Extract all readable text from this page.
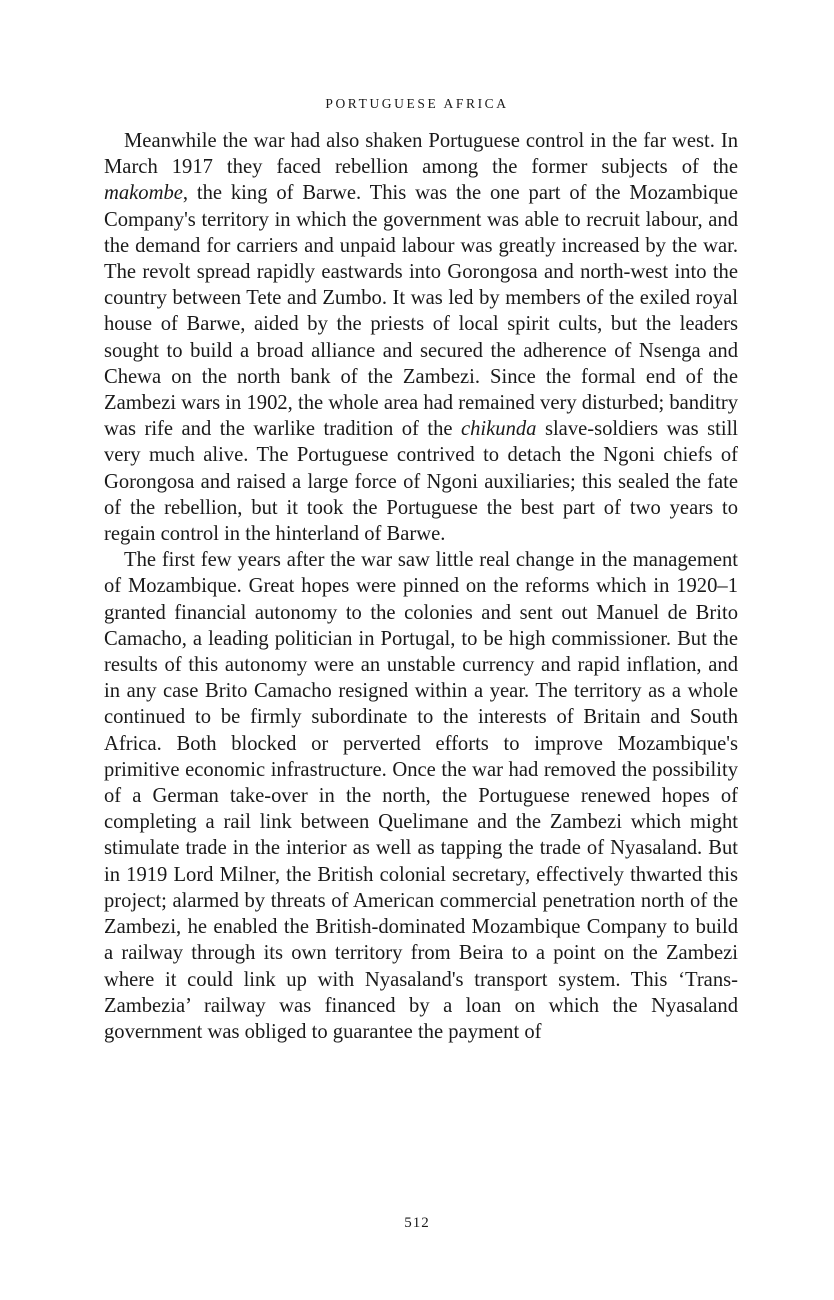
PORTUGUESE AFRICA

Meanwhile the war had also shaken Portuguese control in the far west. In March 1917 they faced rebellion among the former subjects of the makombe, the king of Barwe. This was the one part of the Mozambique Company's territory in which the government was able to recruit labour, and the demand for carriers and unpaid labour was greatly increased by the war. The revolt spread rapidly eastwards into Gorongosa and north-west into the country between Tete and Zumbo. It was led by members of the exiled royal house of Barwe, aided by the priests of local spirit cults, but the leaders sought to build a broad alliance and secured the adherence of Nsenga and Chewa on the north bank of the Zambezi. Since the formal end of the Zambezi wars in 1902, the whole area had remained very disturbed; banditry was rife and the warlike tradition of the chikunda slave-soldiers was still very much alive. The Portuguese contrived to detach the Ngoni chiefs of Gorongosa and raised a large force of Ngoni auxiliaries; this sealed the fate of the rebellion, but it took the Portuguese the best part of two years to regain control in the hinterland of Barwe.

The first few years after the war saw little real change in the management of Mozambique. Great hopes were pinned on the reforms which in 1920–1 granted financial autonomy to the colonies and sent out Manuel de Brito Camacho, a leading politician in Portugal, to be high commissioner. But the results of this autonomy were an unstable currency and rapid inflation, and in any case Brito Camacho resigned within a year. The territory as a whole continued to be firmly subordinate to the interests of Britain and South Africa. Both blocked or perverted efforts to improve Mozambique's primitive economic infrastructure. Once the war had removed the possibility of a German take-over in the north, the Portuguese renewed hopes of completing a rail link between Quelimane and the Zambezi which might stimulate trade in the interior as well as tapping the trade of Nyasaland. But in 1919 Lord Milner, the British colonial secretary, effectively thwarted this project; alarmed by threats of American commercial penetration north of the Zambezi, he enabled the British-dominated Mozambique Company to build a railway through its own territory from Beira to a point on the Zambezi where it could link up with Nyasaland's transport system. This ‘Trans-Zambezia’ railway was financed by a loan on which the Nyasaland government was obliged to guarantee the payment of

512
